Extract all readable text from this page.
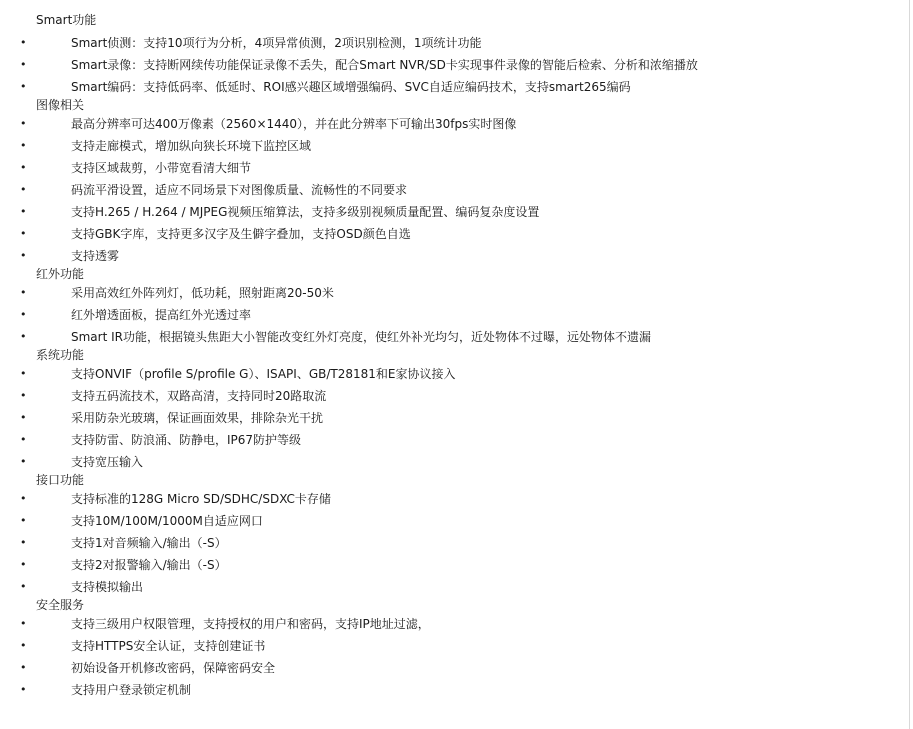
Smart功能
•	Smart侦测：支持10项行为分析，4项异常侦测，2项识别检测，1项统计功能
•	Smart录像：支持断网续传功能保证录像不丢失，配合Smart NVR/SD卡实现事件录像的智能后检索、分析和浓缩播放
•	Smart编码：支持低码率、低延时、ROI感兴趣区域增强编码、SVC自适应编码技术，支持smart265编码
图像相关
•	最高分辨率可达400万像素（2560×1440），并在此分辨率下可输出30fps实时图像
•	支持走廊模式，增加纵向狭长环境下监控区域
•	支持区域裁剪，小带宽看清大细节
•	码流平滑设置，适应不同场景下对图像质量、流畅性的不同要求
•	支持H.265 / H.264 / MJPEG视频压缩算法，支持多级别视频质量配置、编码复杂度设置
•	支持GBK字库，支持更多汉字及生僻字叠加，支持OSD颜色自选
•	支持透雾
红外功能
•	采用高效红外阵列灯，低功耗，照射距离20-50米
•	红外增透面板，提高红外光透过率
•	Smart IR功能，根据镜头焦距大小智能改变红外灯亮度，使红外补光均匀，近处物体不过曝，远处物体不遗漏
系统功能
•	支持ONVIF（profile S/profile G）、ISAPI、GB/T28181和E家协议接入
•	支持五码流技术，双路高清，支持同时20路取流
•	采用防杂光玻璃，保证画面效果，排除杂光干扰
•	支持防雷、防浪涌、防静电，IP67防护等级
•	支持宽压输入
接口功能
•	支持标准的128G Micro SD/SDHC/SDXC卡存储
•	支持10M/100M/1000M自适应网口
•	支持1对音频输入/输出（-S）
•	支持2对报警输入/输出（-S）
•	支持模拟输出
安全服务
•	支持三级用户权限管理，支持授权的用户和密码，支持IP地址过滤，
•	支持HTTPS安全认证，支持创建证书
•	初始设备开机修改密码，保障密码安全
•	支持用户登录锁定机制
